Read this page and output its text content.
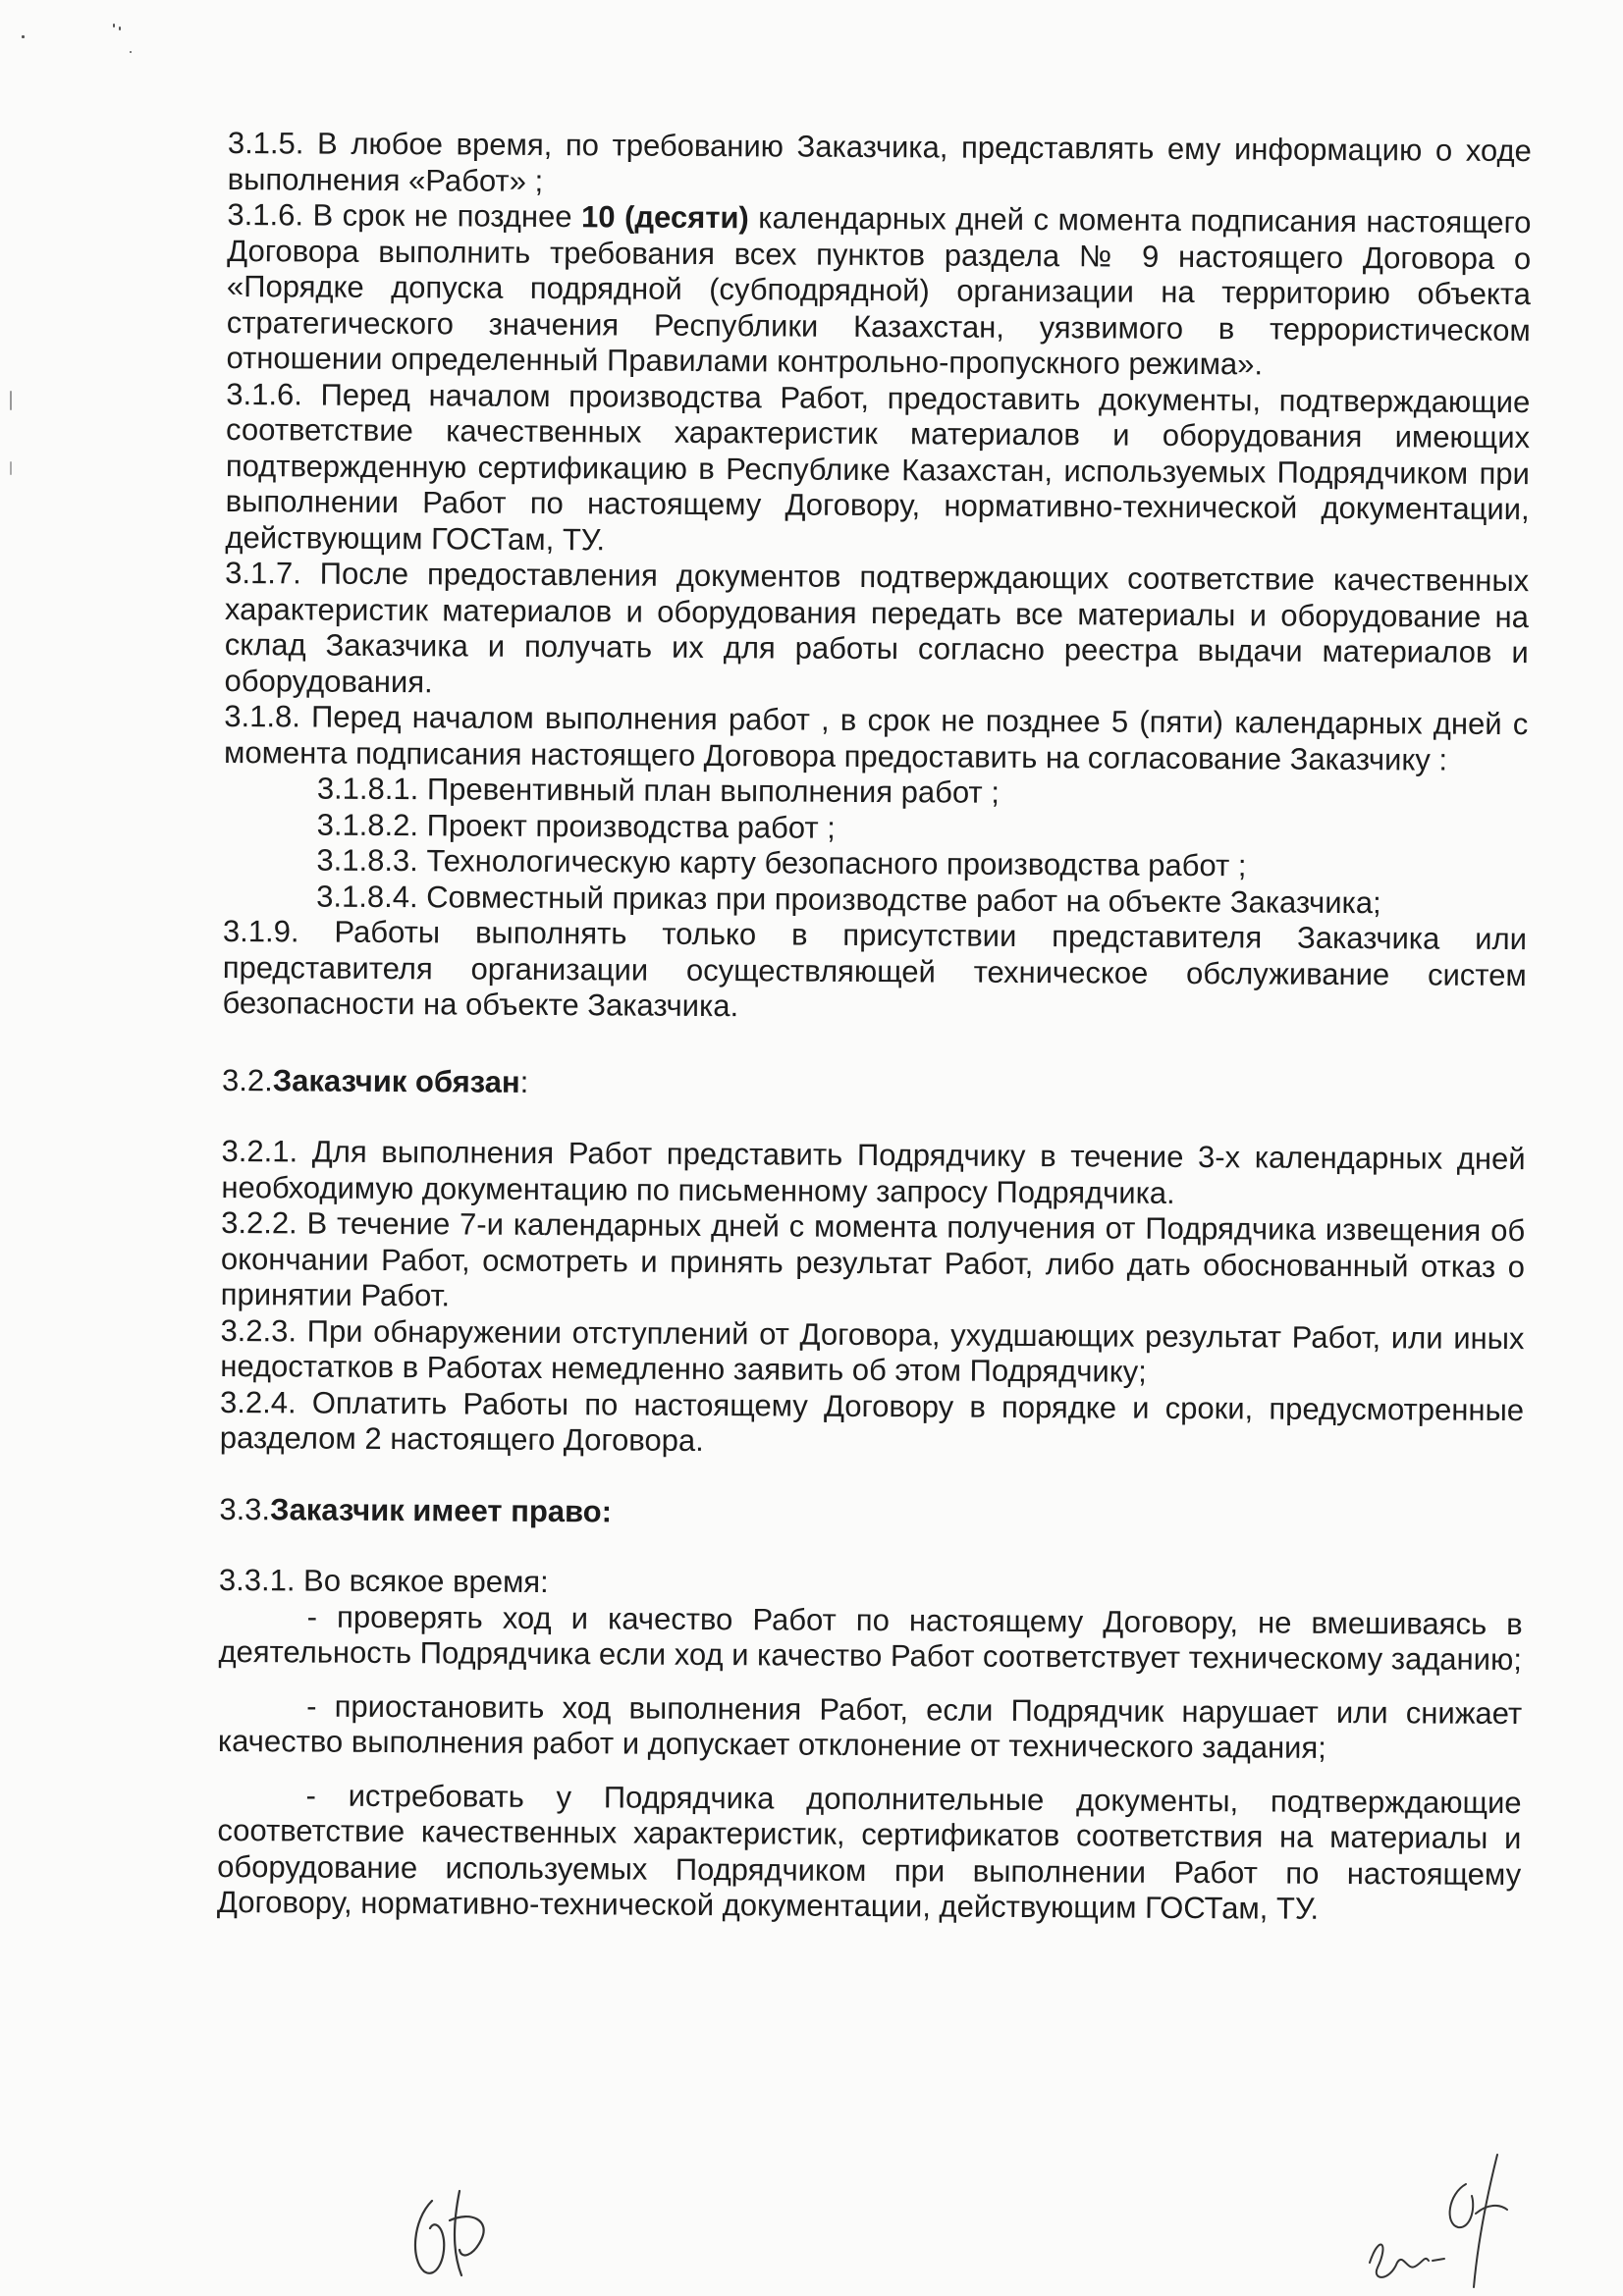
3.1.5. В любое время, по требованию Заказчика, представлять ему информацию о ходе выполнения «Работ» ;

3.1.6. В срок не позднее 10 (десяти) календарных дней с момента подписания настоящего Договора выполнить требования всех пунктов раздела № 9 настоящего Договора о «Порядке допуска подрядной (субподрядной) организации на территорию объекта стратегического значения Республики Казахстан, уязвимого в террористическом отношении определенный Правилами контрольно-пропускного режима».

3.1.6. Перед началом производства Работ, предоставить документы, подтверждающие соответствие качественных характеристик материалов и оборудования имеющих подтвержденную сертификацию в Республике Казахстан, используемых Подрядчиком при выполнении Работ по настоящему Договору, нормативно-технической документации, действующим ГОСТам, ТУ.

3.1.7. После предоставления документов подтверждающих соответствие качественных характеристик материалов и оборудования передать все материалы и оборудование на склад Заказчика и получать их для работы согласно реестра выдачи материалов и оборудования.

3.1.8. Перед началом выполнения работ , в срок не позднее 5 (пяти) календарных дней с момента подписания настоящего Договора предоставить на согласование Заказчику :

3.1.8.1. Превентивный план выполнения работ ;

3.1.8.2. Проект производства работ ;

3.1.8.3. Технологическую карту безопасного производства работ ;

3.1.8.4. Совместный приказ при производстве работ на объекте Заказчика;

3.1.9. Работы выполнять только в присутствии представителя Заказчика или представителя организации осуществляющей техническое обслуживание систем безопасности на объекте Заказчика.

3.2.Заказчик обязан:

3.2.1. Для выполнения Работ представить Подрядчику в течение 3-х календарных дней необходимую документацию по письменному запросу Подрядчика.

3.2.2. В течение 7-и календарных дней с момента получения от Подрядчика извещения об окончании Работ, осмотреть и принять результат Работ, либо дать обоснованный отказ о принятии Работ.

3.2.3. При обнаружении отступлений от Договора, ухудшающих результат Работ, или иных недостатков в Работах немедленно заявить об этом Подрядчику;

3.2.4. Оплатить Работы по настоящему Договору в порядке и сроки, предусмотренные разделом 2 настоящего Договора.

3.3.Заказчик имеет право:

3.3.1. Во всякое время:

- проверять ход и качество Работ по настоящему Договору, не вмешиваясь в деятельность Подрядчика если ход и качество Работ соответствует техническому заданию;

- приостановить ход выполнения Работ, если Подрядчик нарушает или снижает качество выполнения работ и допускает отклонение от технического задания;

- истребовать у Подрядчика дополнительные документы, подтверждающие соответствие качественных характеристик, сертификатов соответствия на материалы и оборудование используемых Подрядчиком при выполнении Работ по настоящему Договору, нормативно-технической документации, действующим ГОСТам, ТУ.
